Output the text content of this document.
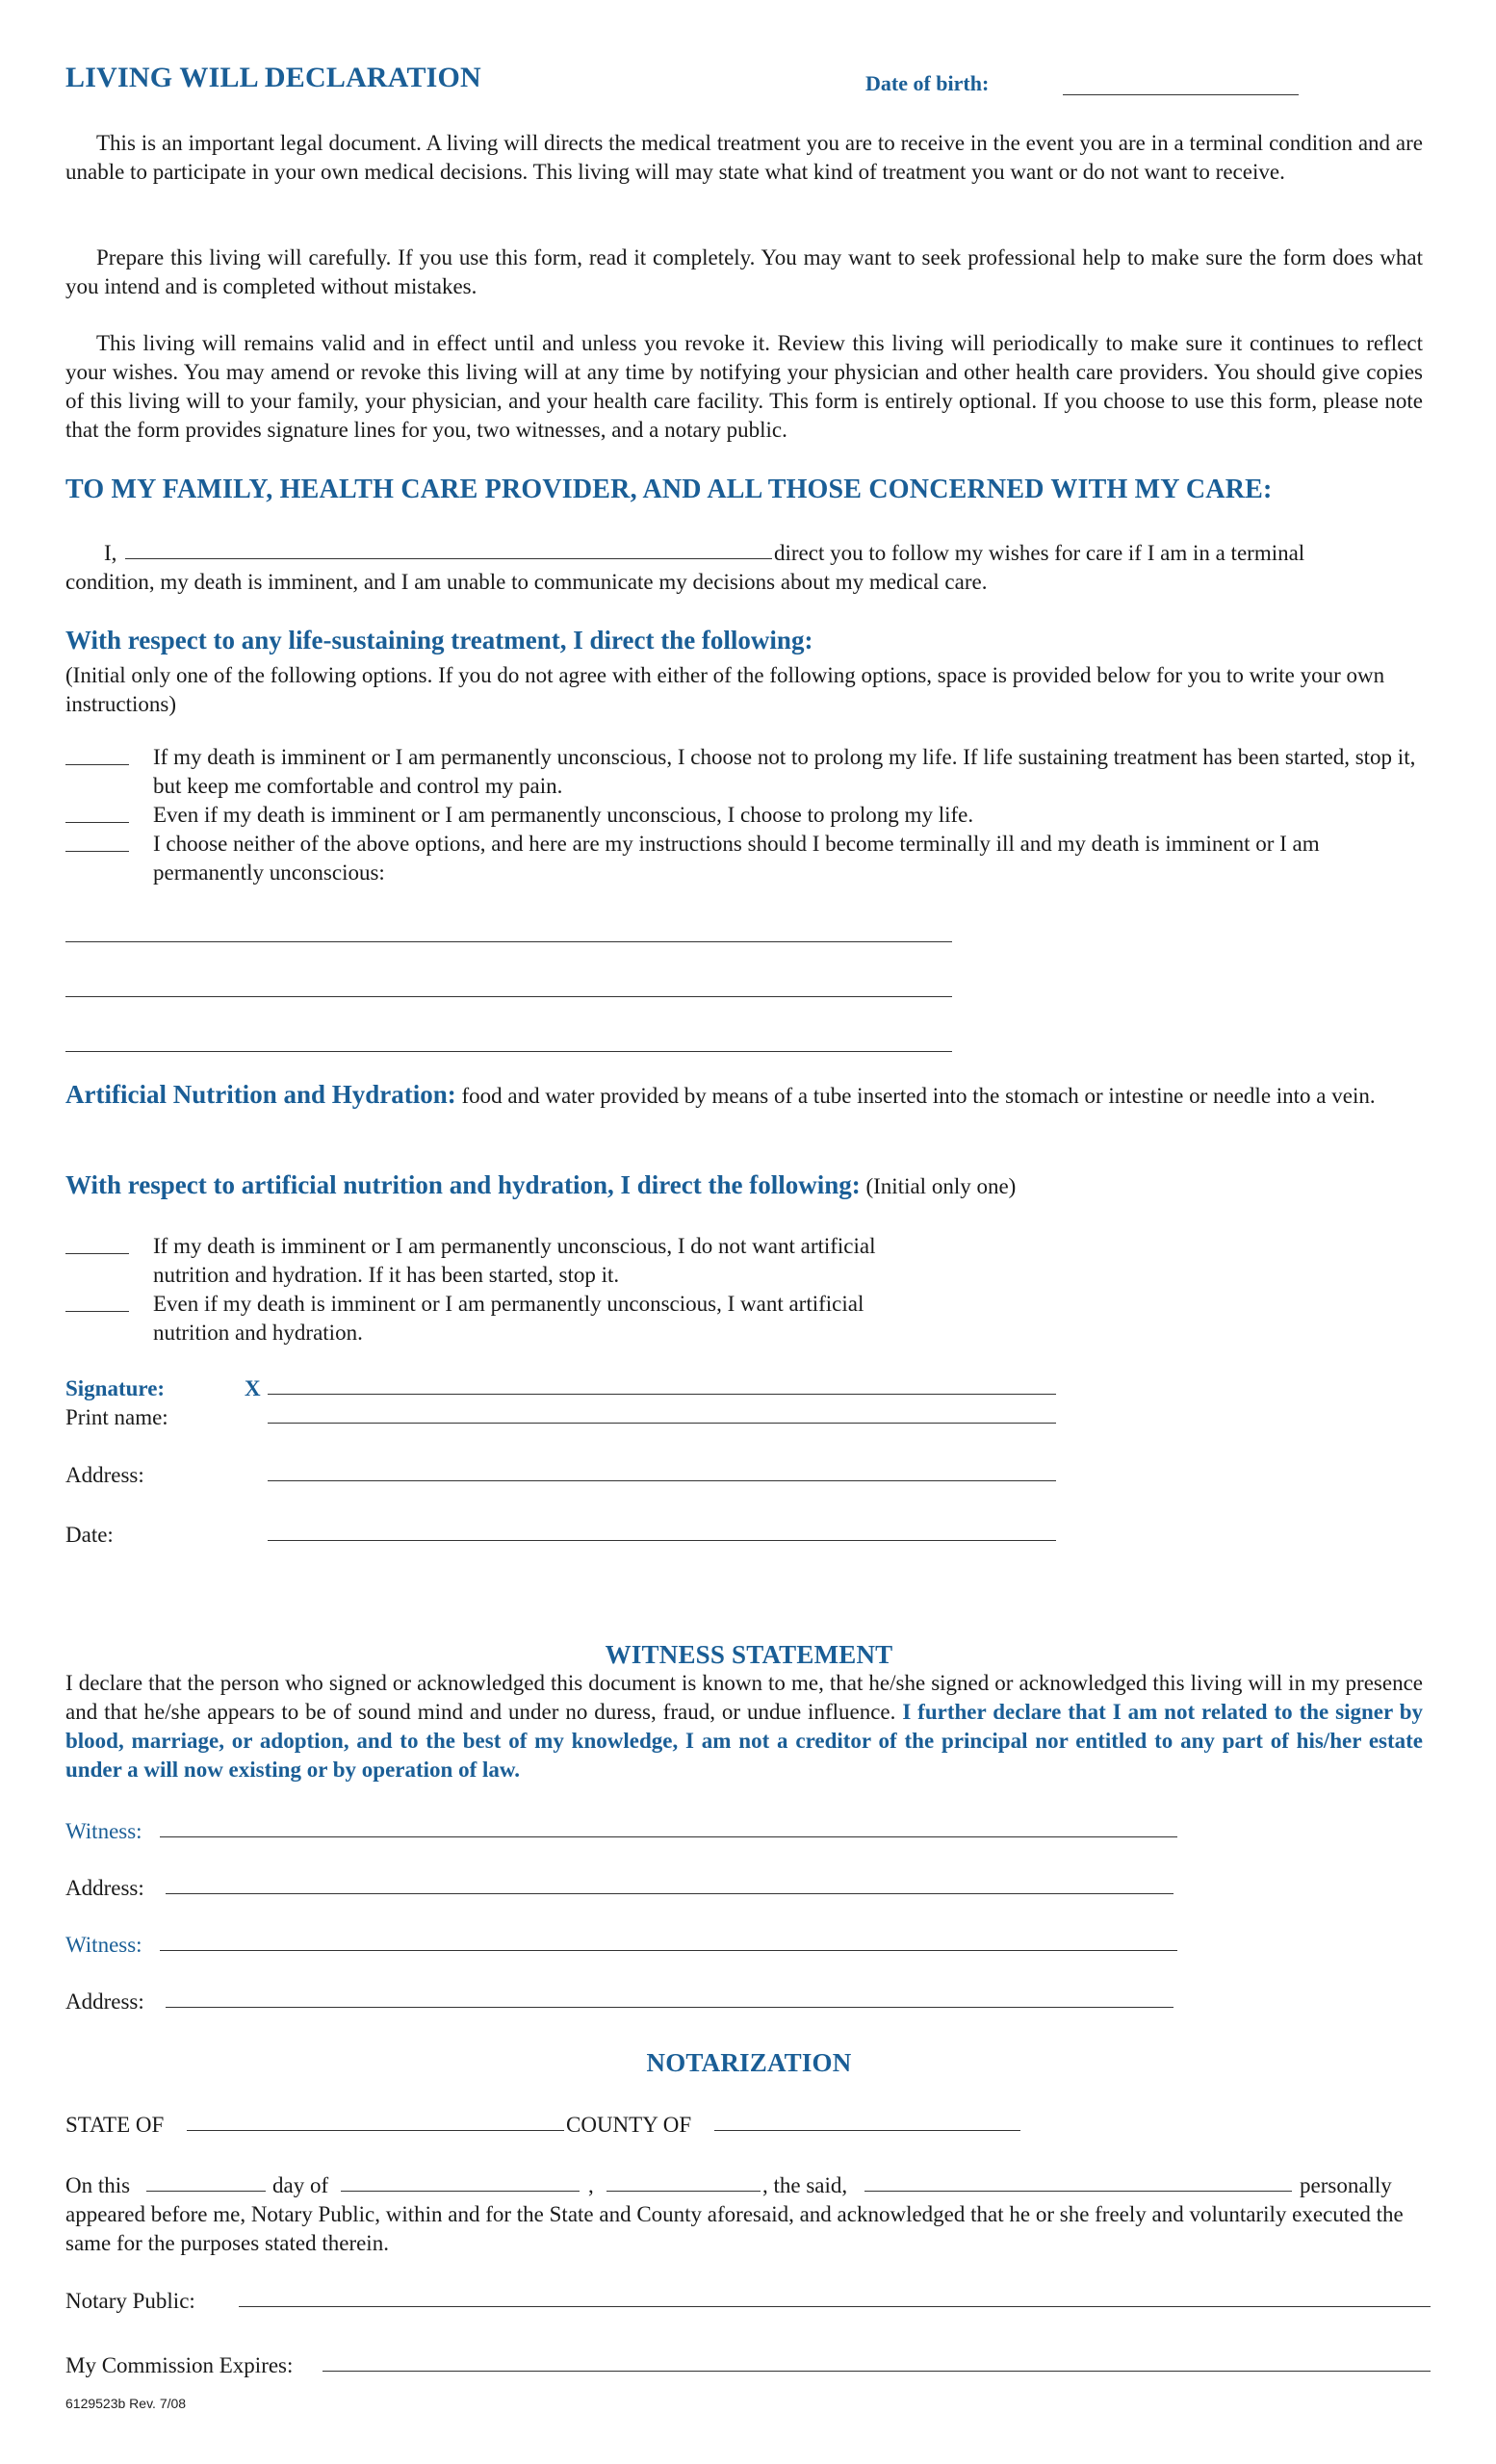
LIVING WILL DECLARATION	Date of birth:

This is an important legal document. A living will directs the medical treatment you are to receive in the event you are in a terminal condition and are unable to participate in your own medical decisions. This living will may state what kind of treatment you want or do not want to receive.

Prepare this living will carefully. If you use this form, read it completely. You may want to seek professional help to make sure the form does what you intend and is completed without mistakes.

This living will remains valid and in effect until and unless you revoke it. Review this living will periodically to make sure it continues to reflect your wishes. You may amend or revoke this living will at any time by notifying your physician and other health care providers. You should give copies of this living will to your family, your physician, and your health care facility. This form is entirely optional. If you choose to use this form, please note that the form provides signature lines for you, two witnesses, and a notary public.

TO MY FAMILY, HEALTH CARE PROVIDER, AND ALL THOSE CONCERNED WITH MY CARE:
I,	direct you to follow my wishes for care if I am in a terminal
condition, my death is imminent, and I am unable to communicate my decisions about my medical care.
With respect to any life-sustaining treatment, I direct the following:

(Initial only one of the following options. If you do not agree with either of the following options, space is provided below for you to write your own instructions)

If my death is imminent or I am permanently unconscious, I choose not to prolong my life. If life sustaining treatment has been started, stop it, but keep me comfortable and control my pain.

Even if my death is imminent or I am permanently unconscious, I choose to prolong my life.

I choose neither of the above options, and here are my instructions should I become terminally ill and my death is imminent or I am permanently unconscious:

Artificial Nutrition and Hydration: food and water provided by means of a tube inserted into the stomach or intestine or needle into a vein.

With respect to artificial nutrition and hydration, I direct the following: (Initial only one)

If my death is imminent or I am permanently unconscious, I do not want artificial nutrition and hydration. If it has been started, stop it.

Even if my death is imminent or I am permanently unconscious, I want artificial nutrition and hydration.

Signature:	X
Print name:
Address:
Date:
WITNESS STATEMENT

I declare that the person who signed or acknowledged this document is known to me, that he/she signed or acknowledged this living will in my presence and that he/she appears to be of sound mind and under no duress, fraud, or undue influence. I further declare that I am not related to the signer by blood, marriage, or adoption, and to the best of my knowledge, I am not a creditor of the principal nor entitled to any part of his/her estate under a will now existing or by operation of law.

Witness:
Address:
Witness:
Address:
NOTARIZATION
STATE OF	COUNTY OF
On this	day of	,	, the said,	personally

appeared before me, Notary Public, within and for the State and County aforesaid, and acknowledged that he or she freely and voluntarily executed the same for the purposes stated therein.

Notary Public:
My Commission Expires:
6129523b Rev. 7/08
